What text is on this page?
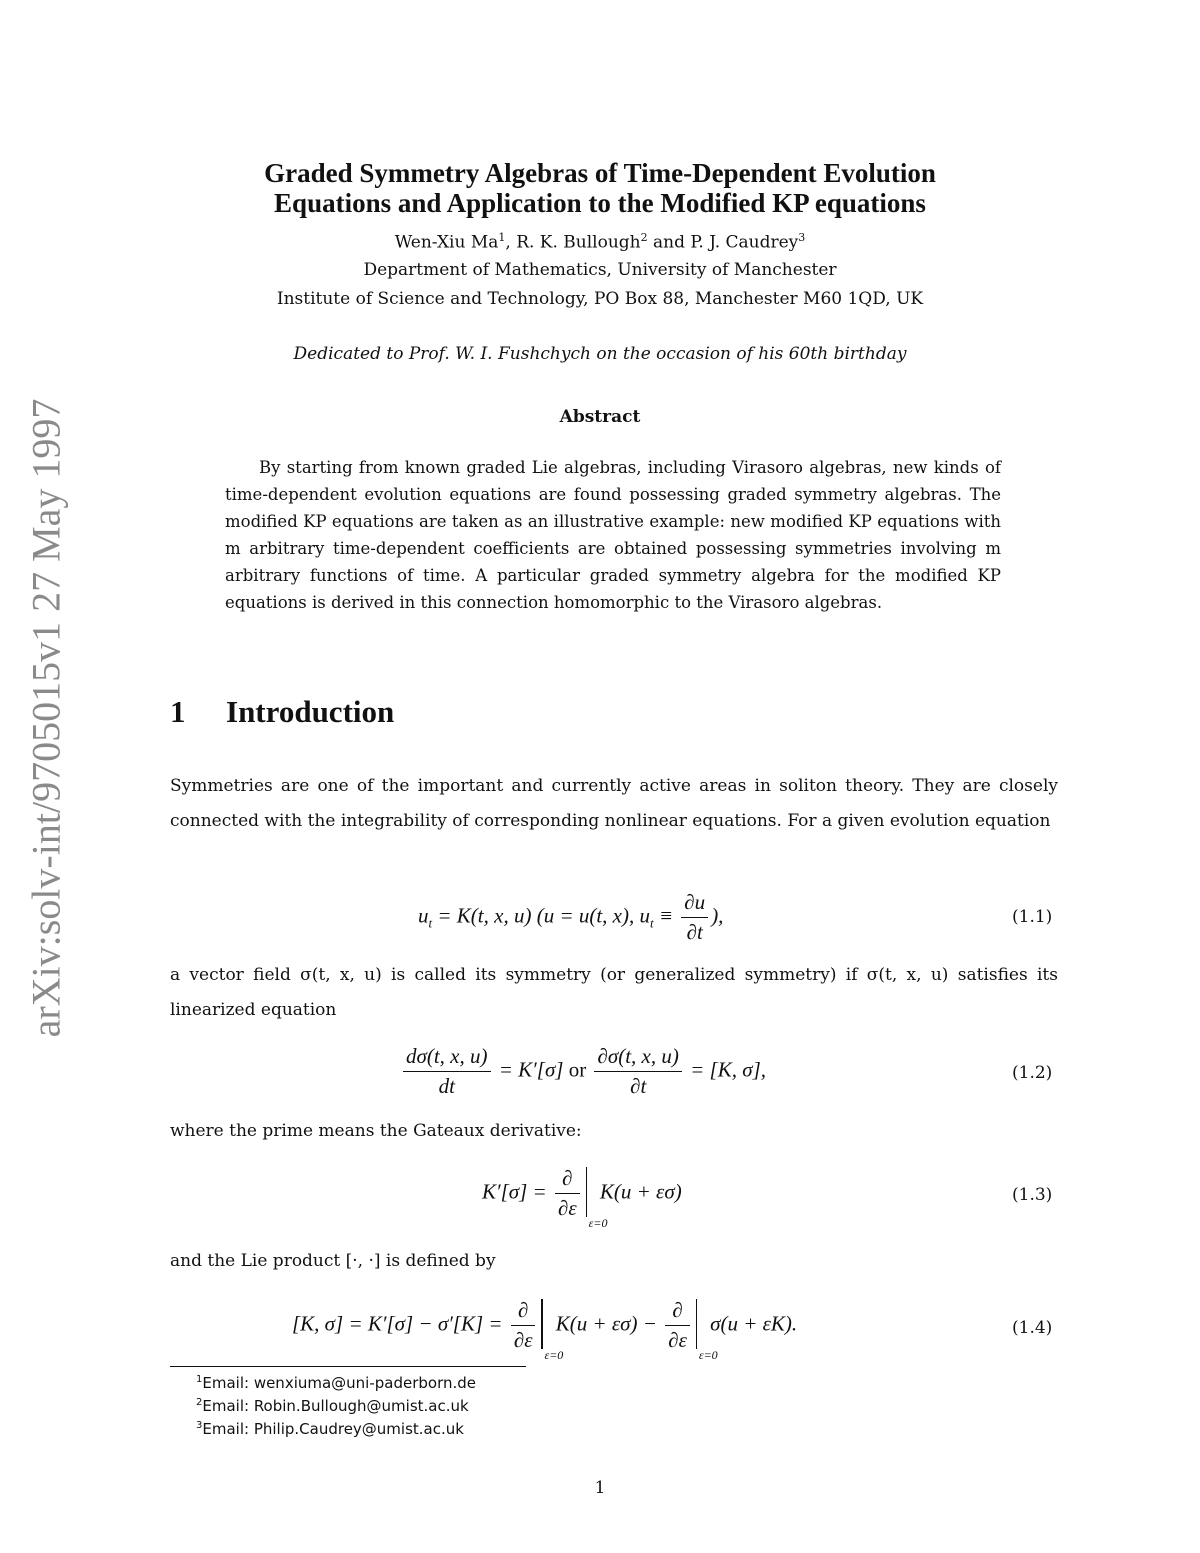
arXiv:solv-int/9705015v1 27 May 1997
Graded Symmetry Algebras of Time-Dependent Evolution
Equations and Application to the Modified KP equations
Wen-Xiu Ma$^1$, R. K. Bullough$^2$ and P. J. Caudrey$^3$
Department of Mathematics, University of Manchester
Institute of Science and Technology, PO Box 88, Manchester M60 1QD, UK
Dedicated to Prof. W. I. Fushchych on the occasion of his 60th birthday
Abstract

By starting from known graded Lie algebras, including Virasoro algebras, new kinds of time-dependent evolution equations are found possessing graded symmetry algebras. The modified KP equations are taken as an illustrative example: new modified KP equations with m arbitrary time-dependent coefficients are obtained possessing symmetries involving m arbitrary functions of time. A particular graded symmetry algebra for the modified KP equations is derived in this connection homomorphic to the Virasoro algebras.

1 Introduction

Symmetries are one of the important and currently active areas in soliton theory. They are closely connected with the integrability of corresponding nonlinear equations. For a given evolution equation

$u_t = K(t$, x, u) (u = u(t, x), $u_t \equiv \frac{\partial u}{\partial t}$ ),	(1.1)

a vector field σ(t, x, u) is called its symmetry (or generalized symmetry) if σ(t, x, u) satisfies its linearized equation

$\frac{d\sigma(t, x, u)}{dt} = K'[\sigma]$ or $\frac{\partial\sigma(t, x, u)}{\partial t} = [K$, σ],	(1.2)

where the prime means the Gateaux derivative:

$K'[\sigma] = \frac{\partial}{\partial\varepsilon}$
ε=0
K(u + εσ)	(1.3)

and the Lie product [·, ·] is defined by

[K, $\sigma] = K'[\sigma] - \sigma'[K] = \frac{\partial}{\partial\varepsilon}$
ε=0
$K(u + \varepsilon\sigma) - \frac{\partial}{\partial\varepsilon}$
ε=0
σ(u + εK).	(1.4)
$^1$Email: wenxiuma@uni-paderborn.de
$^2$Email: Robin.Bullough@umist.ac.uk
$^3$Email: Philip.Caudrey@umist.ac.uk
1
